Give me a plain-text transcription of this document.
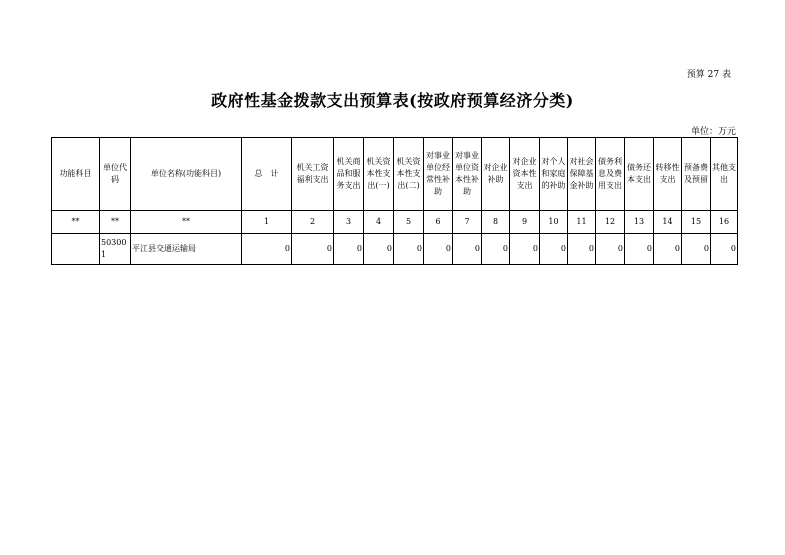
预算 27 表
政府性基金拨款支出预算表(按政府预算经济分类)
单位：万元
功能科目	单位代码	单位名称(功能科目)	总　计	机关工资福利支出	机关商品和服务支出	机关资本性支出(一)	机关资本性支出(二)	对事业单位经常性补助	对事业单位资本性补助	对企业补助	对企业资本性支出	对个人和家庭的补助	对社会保障基金补助	债务利息及费用支出	债务还本支出	转移性支出	预备费及预留	其他支出
**	**	**	1	2	3	4	5	6	7	8	9	10	11	12	13	14	15	16
	503001	平江县交通运输局	0	0	0	0	0	0	0	0	0	0	0	0	0	0	0	0
